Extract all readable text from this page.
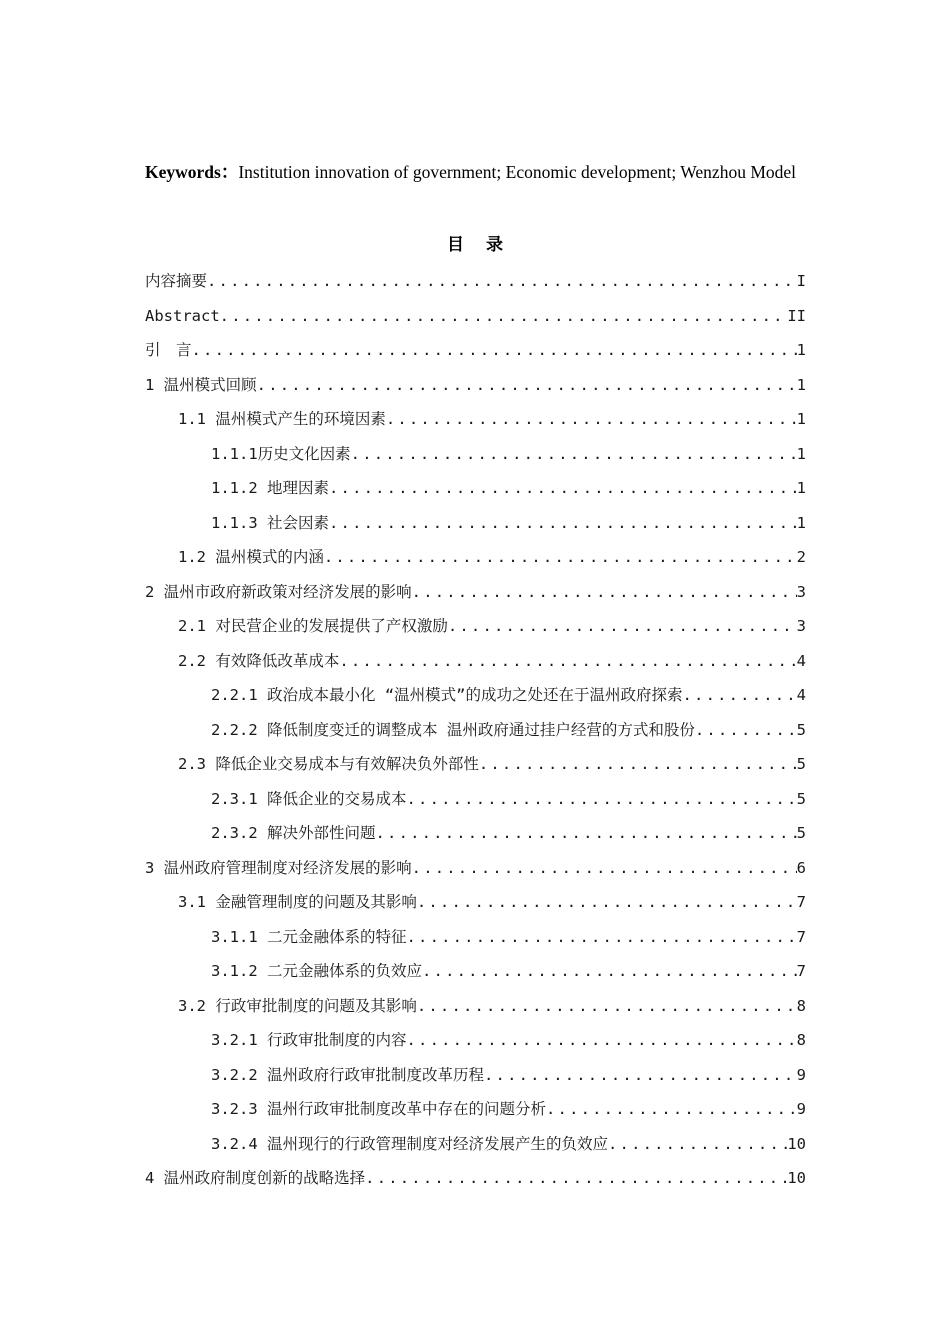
Keywords：Institution innovation of government; Economic development; Wenzhou Model
目录
内容摘要 .....	I
Abstract .....	II
引　言 .....	1
1 温州模式回顾 .....	1
1.1 温州模式产生的环境因素 .....	1
1.1.1历史文化因素 .....	1
1.1.2 地理因素 .....	1
1.1.3 社会因素 .....	1
1.2 温州模式的内涵 .....	2
2 温州市政府新政策对经济发展的影响 .....	3
2.1 对民营企业的发展提供了产权激励 .....	3
2.2 有效降低改革成本 .....	4
2.2.1 政治成本最小化 “温州模式”的成功之处还在于温州政府探索 .....	4
2.2.2 降低制度变迁的调整成本 温州政府通过挂户经营的方式和股份 .....	5
2.3 降低企业交易成本与有效解决负外部性 .....	5
2.3.1 降低企业的交易成本 .....	5
2.3.2 解决外部性问题 .....	5
3 温州政府管理制度对经济发展的影响 .....	6
3.1 金融管理制度的问题及其影响 .....	7
3.1.1 二元金融体系的特征 .....	7
3.1.2 二元金融体系的负效应 .....	7
3.2 行政审批制度的问题及其影响 .....	8
3.2.1 行政审批制度的内容 .....	8
3.2.2 温州政府行政审批制度改革历程 .....	9
3.2.3 温州行政审批制度改革中存在的问题分析 .....	9
3.2.4 温州现行的行政管理制度对经济发展产生的负效应 .....	10
4 温州政府制度创新的战略选择 .....	10
